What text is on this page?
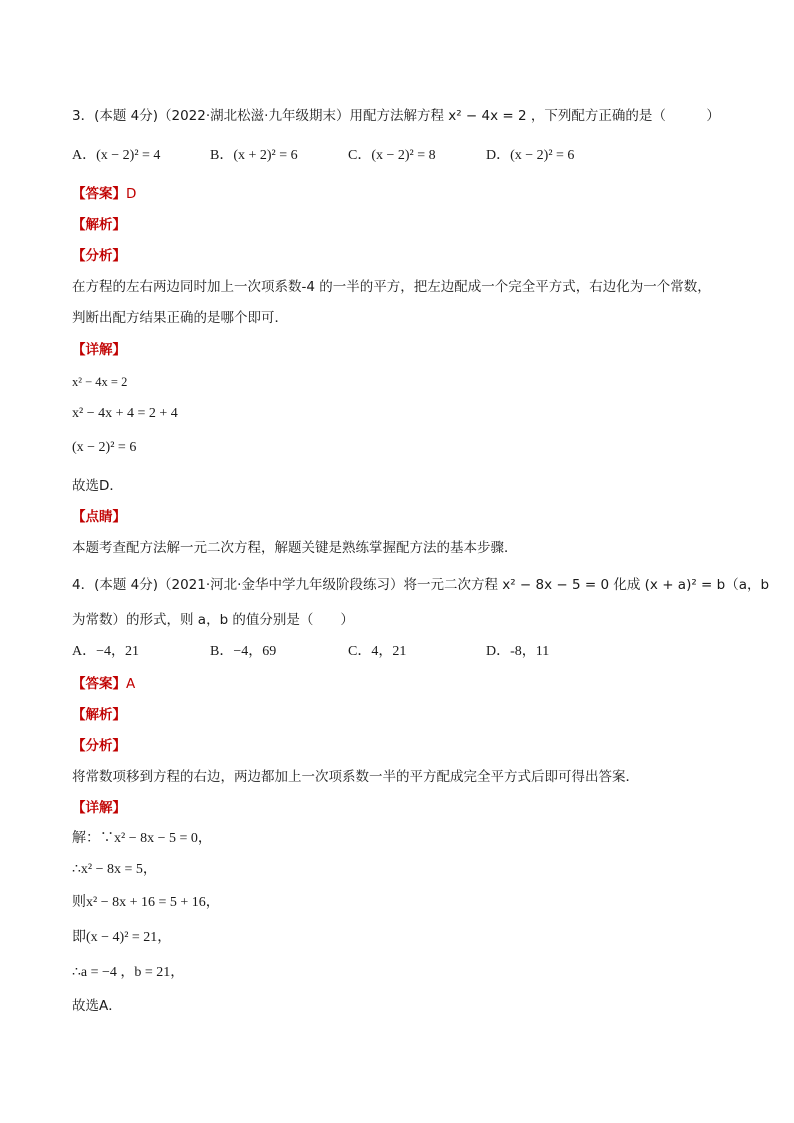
3．(本题 4分)（2022·湖北松滋·九年级期末）用配方法解方程 x² − 4x = 2 ，下列配方正确的是（　　　）
A．(x − 2)² = 4	B．(x + 2)² = 6	C．(x − 2)² = 8	D．(x − 2)² = 6
【答案】D
【解析】
【分析】
在方程的左右两边同时加上一次项系数-4 的一半的平方，把左边配成一个完全平方式，右边化为一个常数，
判断出配方结果正确的是哪个即可．
【详解】
x² − 4x = 2
x² − 4x + 4 = 2 + 4
(x − 2)² = 6
故选D．
【点睛】
本题考查配方法解一元二次方程，解题关键是熟练掌握配方法的基本步骤．
4．(本题 4分)（2021·河北·金华中学九年级阶段练习）将一元二次方程 x² − 8x − 5 = 0 化成 (x + a)² = b（a，b
为常数）的形式，则 a，b 的值分别是（　　）
A．−4，21	B．−4，69	C．4，21	D．-8，11
【答案】A
【解析】
【分析】
将常数项移到方程的右边，两边都加上一次项系数一半的平方配成完全平方式后即可得出答案．
【详解】
解：∵x² − 8x − 5 = 0，
∴x² − 8x = 5，
则x² − 8x + 16 = 5 + 16，
即(x − 4)² = 21，
∴a = −4 ，b = 21，
故选A．
